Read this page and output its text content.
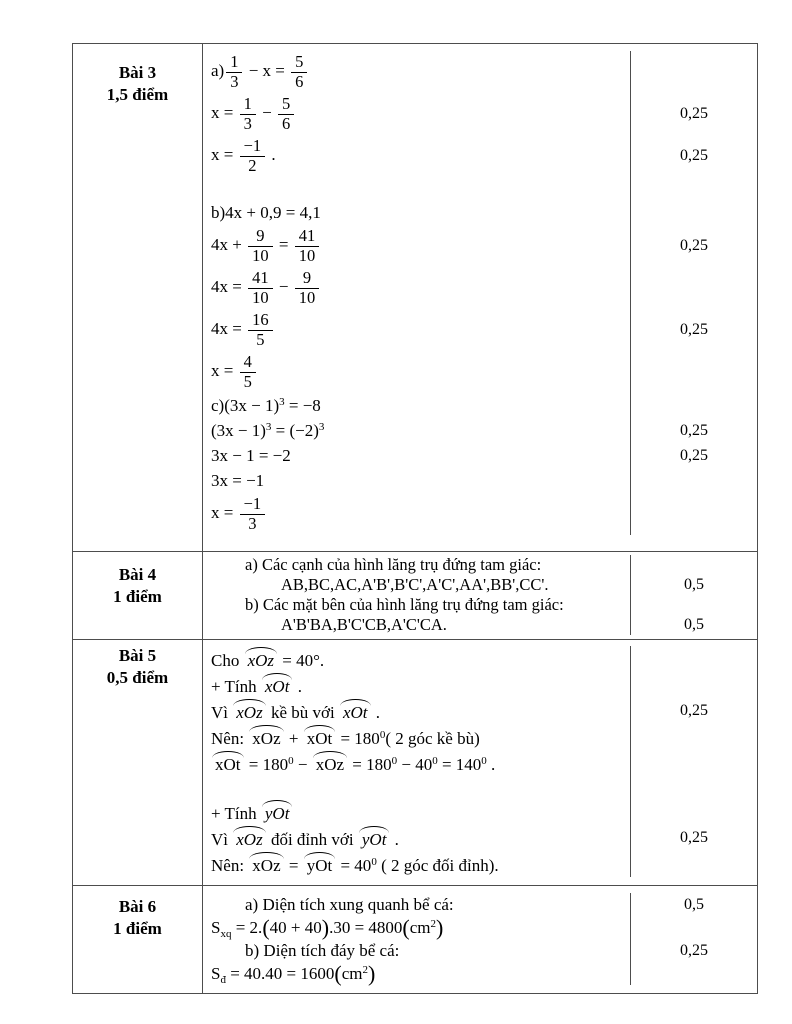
Bài 3
1,5 điểm
$a) \frac{1}{3} - x = \frac{5}{6}$
$x = \frac{1}{3} - \frac{5}{6}$	0,25
$x = \frac{-1}{2}$ .	0,25
b)4x + 0,9 = 4,1
$4x + \frac{9}{10} = \frac{41}{10}$	0,25
$4x = \frac{41}{10} - \frac{9}{10}$
$4x = \frac{16}{5}$	0,25
$x = \frac{4}{5}$
$c)(3x - 1)^3 = -8$
$(3x - 1)^3 = (-2)^3$	0,25
3x − 1 = −2	0,25
3x = −1
$x = \frac{-1}{3}$
Bài 4
1 điểm
a) Các cạnh của hình lăng trụ đứng tam giác:
AB,BC,AC,A'B',B'C',A'C',AA',BB',CC'.	0,5
b) Các mặt bên của hình lăng trụ đứng tam giác:
A'B'BA,B'C'CB,A'C'CA.	0,5
Bài 5
0,5 điểm
Cho xOz = 40°.
+ Tính xOt .
Vì xOz kề bù với xOt .	0,25
Nên: xOz + xOt = $180^0$( 2 góc kề bù)
xOt = $180^0$ − xOz = $180^0 - 40^0 = 140^0$ .
+ Tính yOt
Vì xOz đối đỉnh với yOt .	0,25
Nên: xOz = yOt = $40^0$ ( 2 góc đối đỉnh).
Bài 6
1 điểm
a) Diện tích xung quanh bể cá:	0,5
$S_{xq} = 2.(40 + 40).30 = 4800(cm^2)$
b) Diện tích đáy bể cá:	0,25
$S_đ = 40.40 = 1600(cm^2)$
